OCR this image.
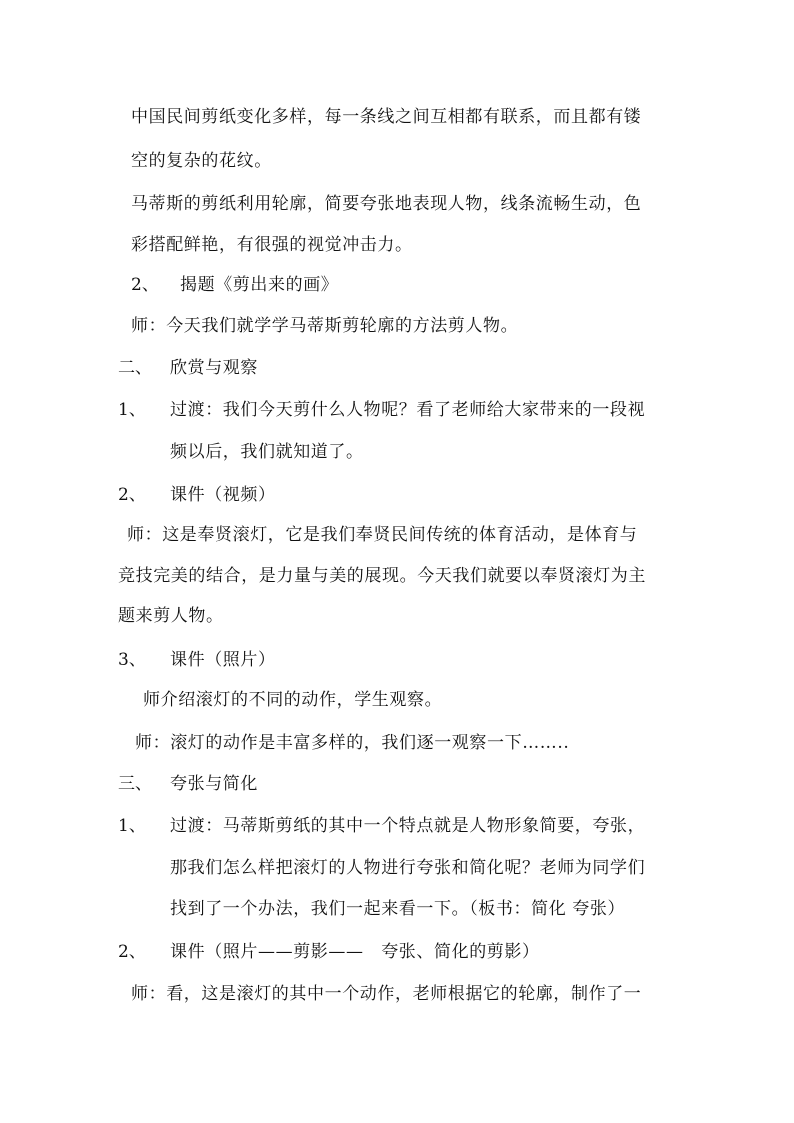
中国民间剪纸变化多样，每一条线之间互相都有联系，而且都有镂
空的复杂的花纹。
马蒂斯的剪纸利用轮廓，简要夸张地表现人物，线条流畅生动，色
彩搭配鲜艳，有很强的视觉冲击力。
2、 揭题《剪出来的画》
师：今天我们就学学马蒂斯剪轮廓的方法剪人物。
二、 欣赏与观察
1、 过渡：我们今天剪什么人物呢？看了老师给大家带来的一段视
频以后，我们就知道了。
2、 课件（视频）
师：这是奉贤滚灯，它是我们奉贤民间传统的体育活动，是体育与
竞技完美的结合，是力量与美的展现。今天我们就要以奉贤滚灯为主
题来剪人物。
3、 课件（照片）
师介绍滚灯的不同的动作，学生观察。
师：滚灯的动作是丰富多样的，我们逐一观察一下……..
三、 夸张与简化
1、 过渡：马蒂斯剪纸的其中一个特点就是人物形象简要，夸张，
那我们怎么样把滚灯的人物进行夸张和简化呢？老师为同学们
找到了一个办法，我们一起来看一下。（板书：简化 夸张）
2、 课件（照片——剪影——　夸张、简化的剪影）
师：看，这是滚灯的其中一个动作，老师根据它的轮廓，制作了一
